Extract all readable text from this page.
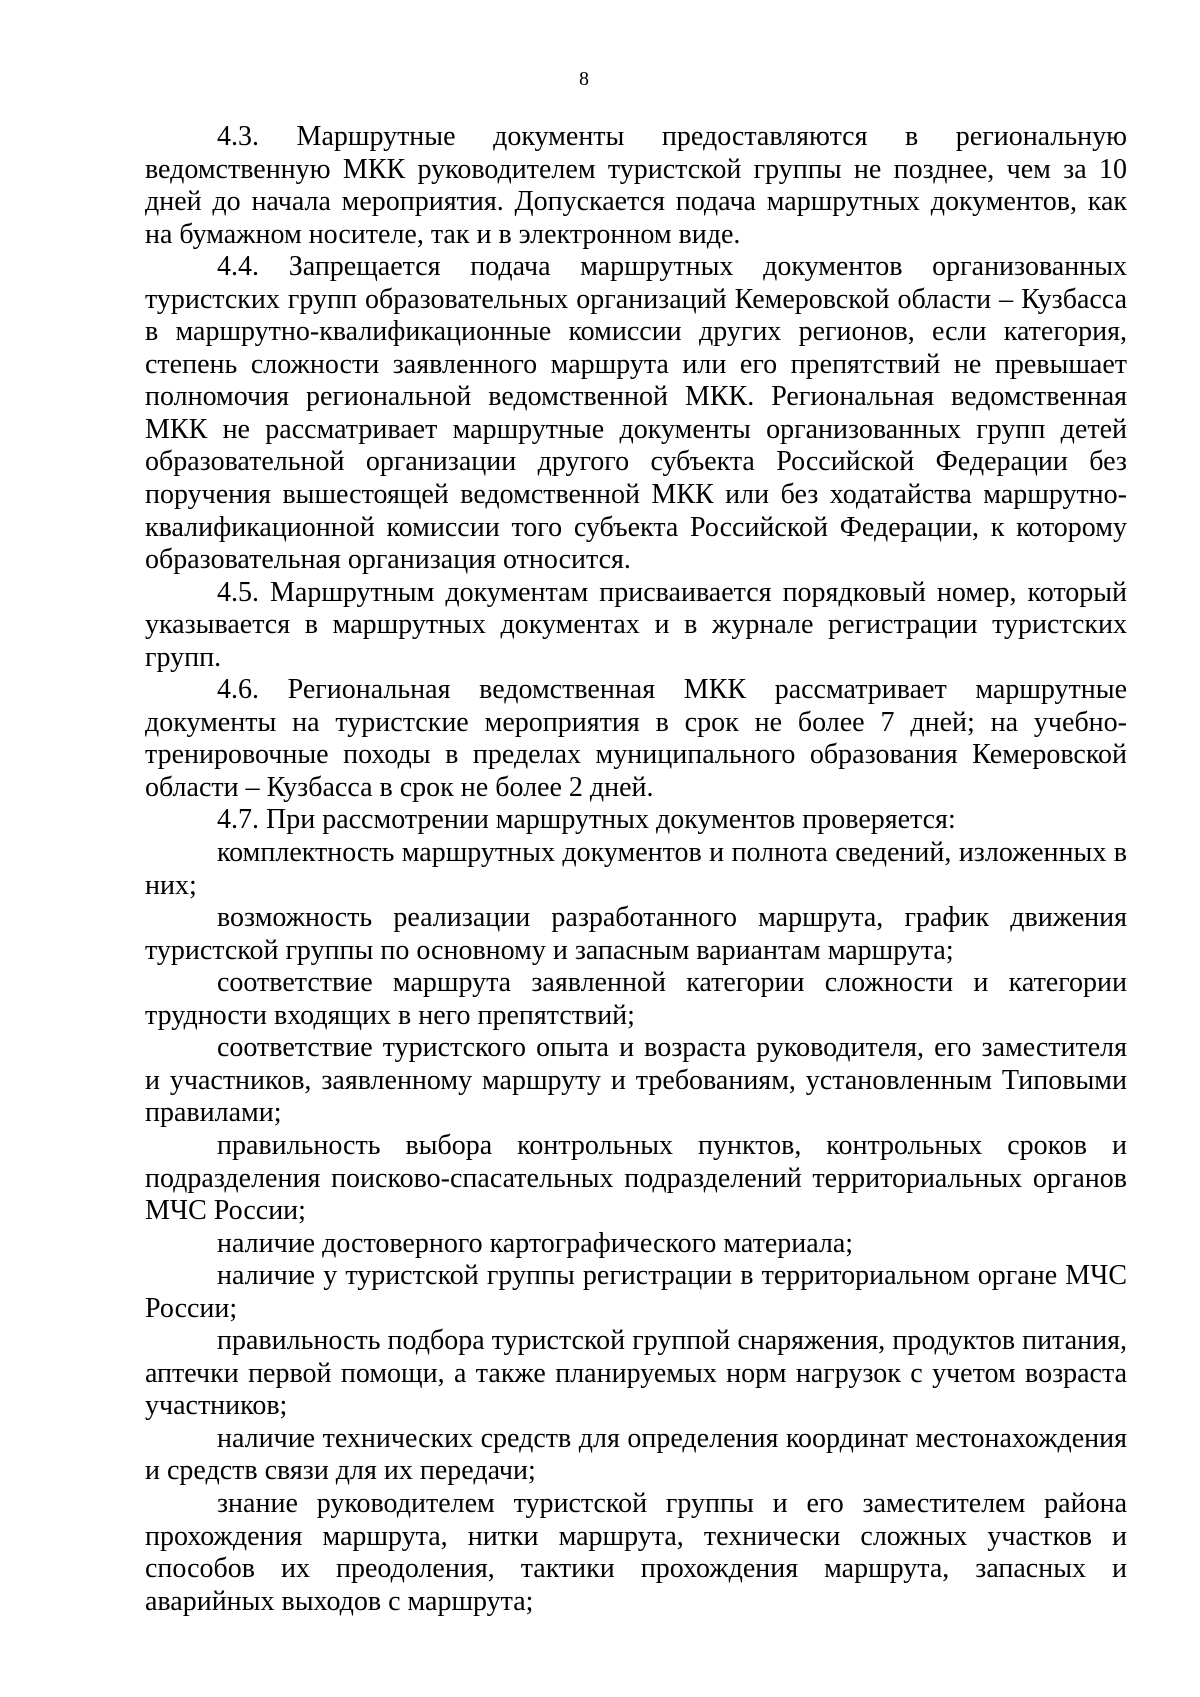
8

4.3. Маршрутные документы предоставляются в региональную ведомственную МКК руководителем туристской группы не позднее, чем за 10 дней до начала мероприятия. Допускается подача маршрутных документов, как на бумажном носителе, так и в электронном виде.

4.4. Запрещается подача маршрутных документов организованных туристских групп образовательных организаций Кемеровской области – Кузбасса в маршрутно-квалификационные комиссии других регионов, если категория, степень сложности заявленного маршрута или его препятствий не превышает полномочия региональной ведомственной МКК. Региональная ведомственная МКК не рассматривает маршрутные документы организованных групп детей образовательной организации другого субъекта Российской Федерации без поручения вышестоящей ведомственной МКК или без ходатайства маршрутно-квалификационной комиссии того субъекта Российской Федерации, к которому образовательная организация относится.

4.5. Маршрутным документам присваивается порядковый номер, который указывается в маршрутных документах и в журнале регистрации туристских групп.

4.6. Региональная ведомственная МКК рассматривает маршрутные документы на туристские мероприятия в срок не более 7 дней; на учебно-тренировочные походы в пределах муниципального образования Кемеровской области – Кузбасса в срок не более 2 дней.

4.7. При рассмотрении маршрутных документов проверяется:

комплектность маршрутных документов и полнота сведений, изложенных в них;

возможность реализации разработанного маршрута, график движения туристской группы по основному и запасным вариантам маршрута;

соответствие маршрута заявленной категории сложности и категории трудности входящих в него препятствий;

соответствие туристского опыта и возраста руководителя, его заместителя и участников, заявленному маршруту и требованиям, установленным Типовыми правилами;

правильность выбора контрольных пунктов, контрольных сроков и подразделения поисково-спасательных подразделений территориальных органов МЧС России;

наличие достоверного картографического материала;

наличие у туристской группы регистрации в территориальном органе МЧС России;

правильность подбора туристской группой снаряжения, продуктов питания, аптечки первой помощи, а также планируемых норм нагрузок с учетом возраста участников;

наличие технических средств для определения координат местонахождения и средств связи для их передачи;

знание руководителем туристской группы и его заместителем района прохождения маршрута, нитки маршрута, технически сложных участков и способов их преодоления, тактики прохождения маршрута, запасных и аварийных выходов с маршрута;
